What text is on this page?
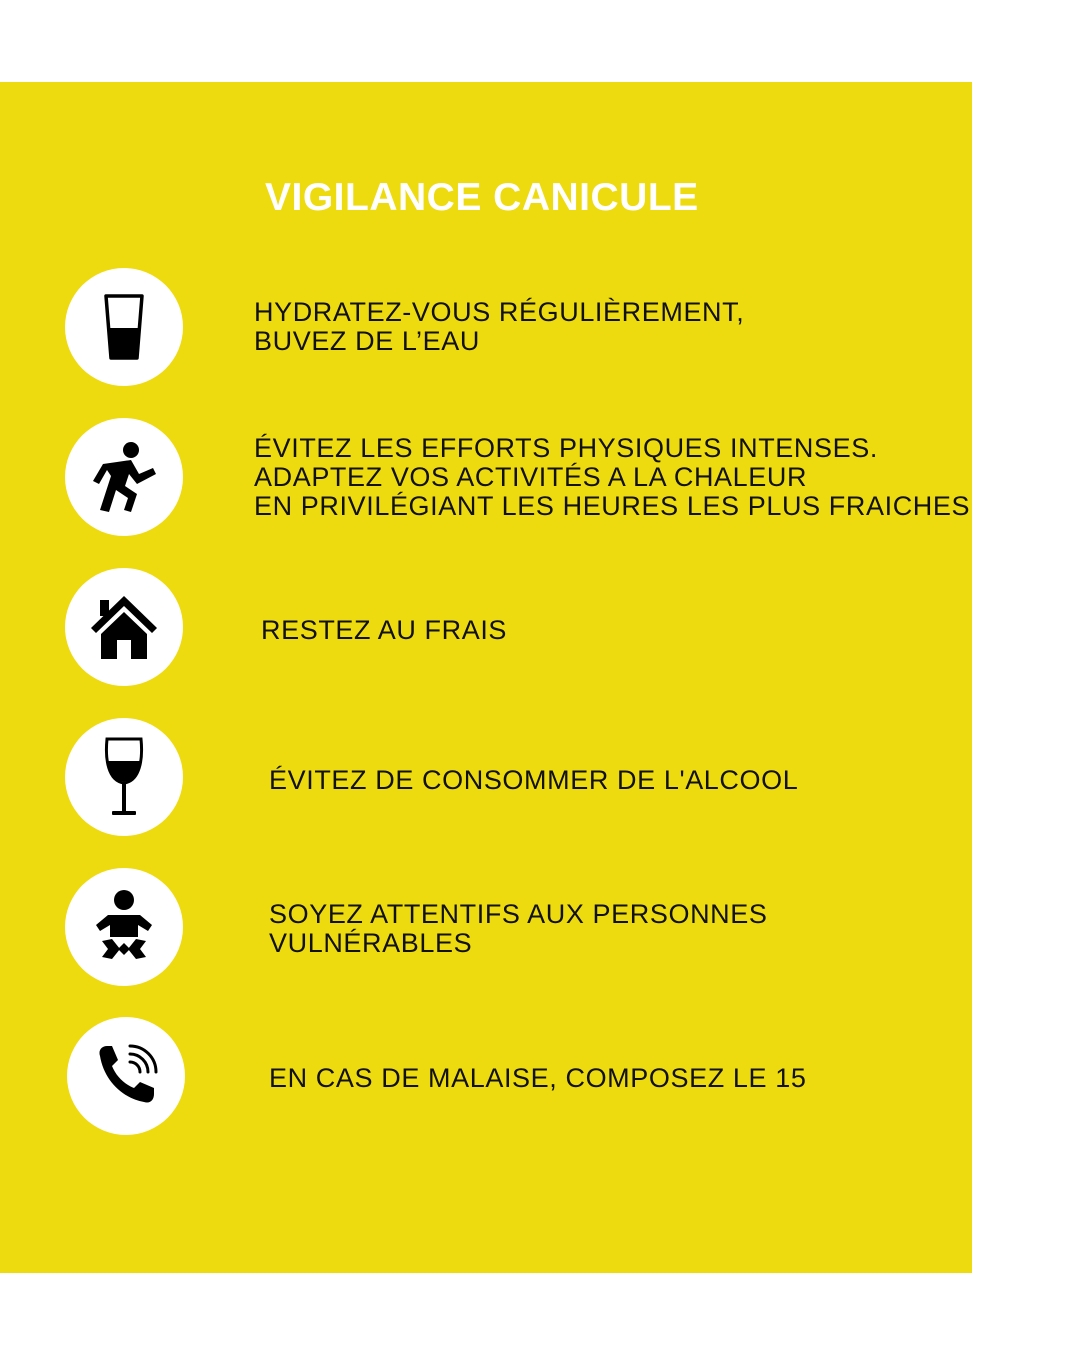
VIGILANCE CANICULE
HYDRATEZ-VOUS RÉGULIÈREMENT,
BUVEZ DE L’EAU
ÉVITEZ LES EFFORTS PHYSIQUES INTENSES.
ADAPTEZ VOS ACTIVITÉS A LA CHALEUR
EN PRIVILÉGIANT LES HEURES LES PLUS FRAICHES
RESTEZ AU FRAIS
ÉVITEZ DE CONSOMMER DE L'ALCOOL
SOYEZ ATTENTIFS AUX PERSONNES
VULNÉRABLES
EN CAS DE MALAISE, COMPOSEZ LE 15
